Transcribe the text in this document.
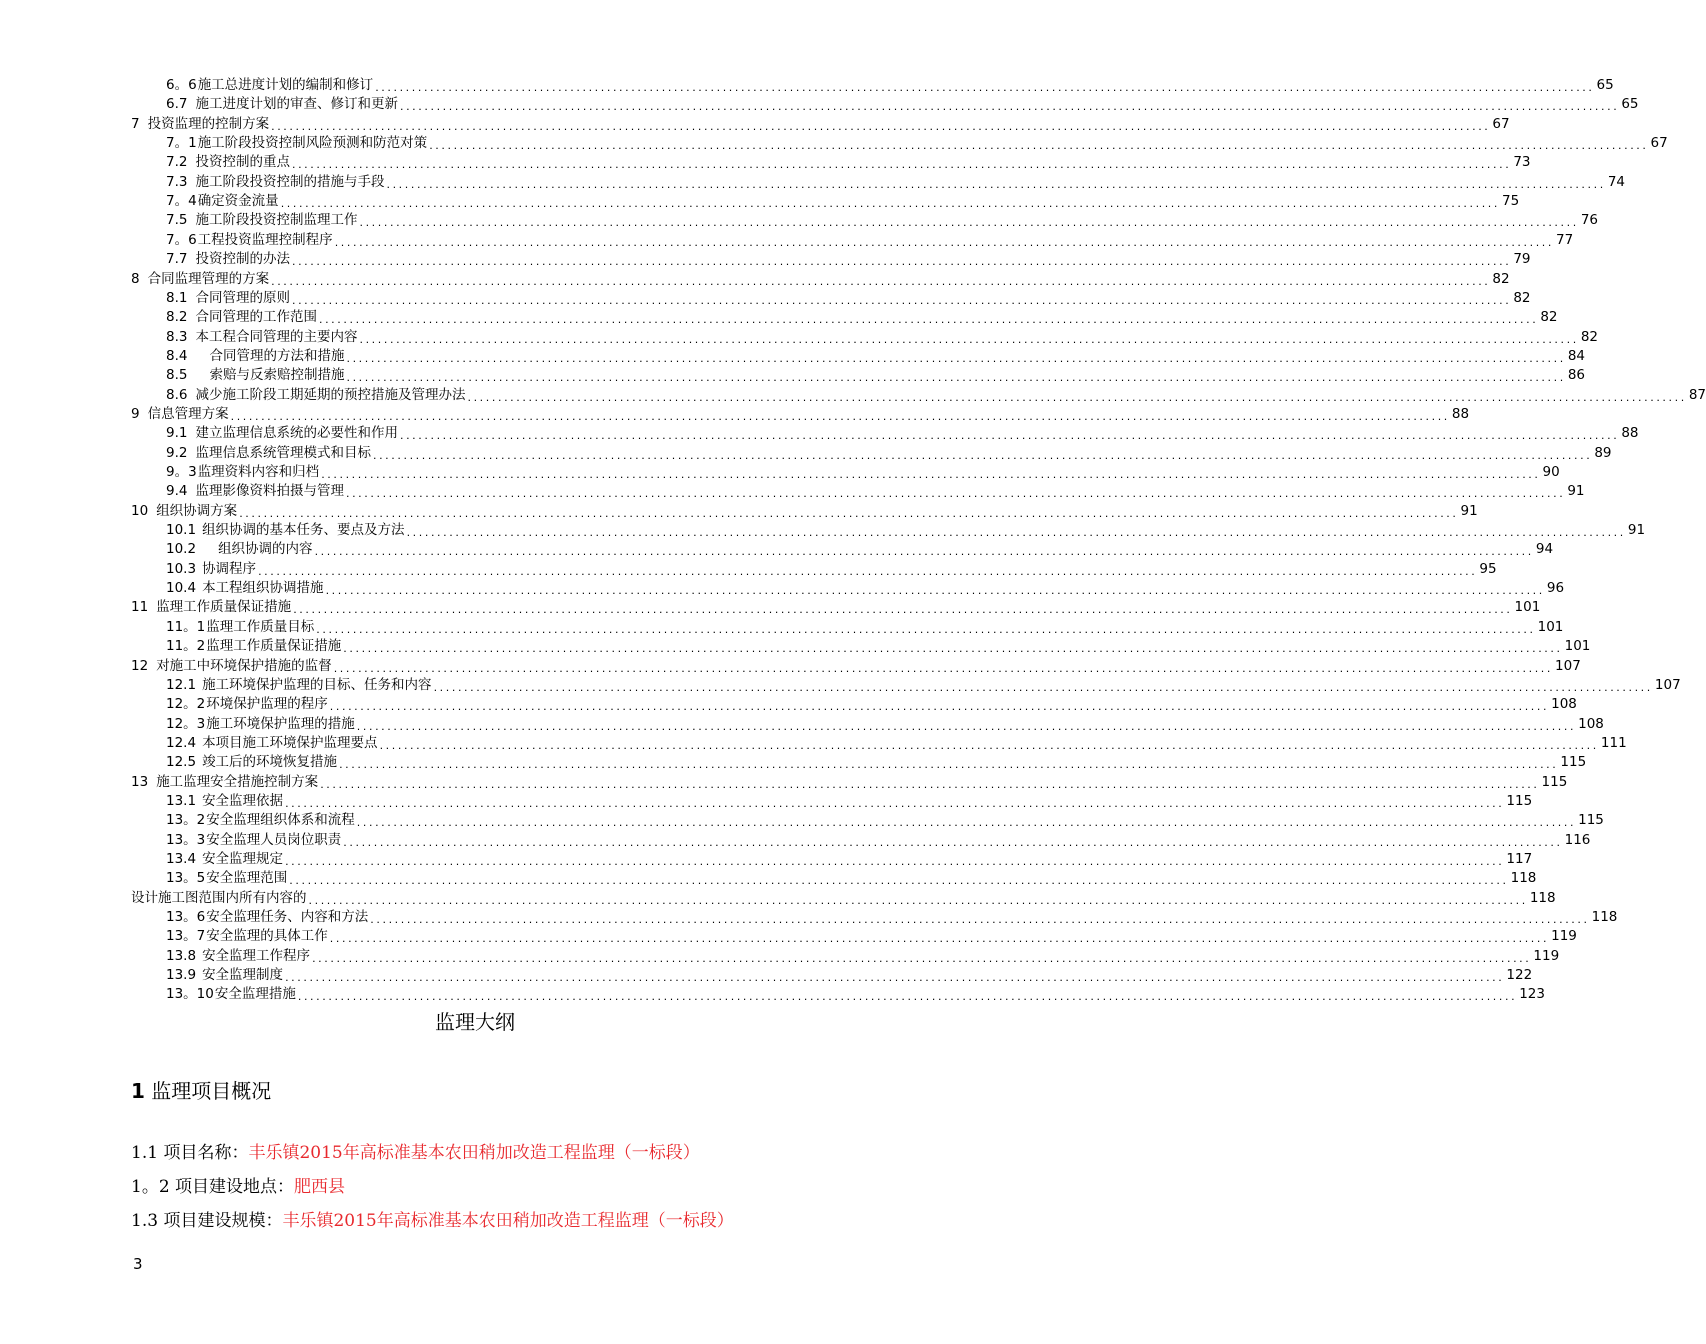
6。6 施工总进度计划的编制和修订 ........................................................................................................................................................................................................ 65
6.7 施工进度计划的审查、修订和更新 ........................................................................................................................................................................................................ 65
7 投资监理的控制方案 ........................................................................................................................................................................................................ 67
7。1 施工阶段投资控制风险预测和防范对策 ........................................................................................................................................................................................................ 67
7.2 投资控制的重点 ........................................................................................................................................................................................................ 73
7.3 施工阶段投资控制的措施与手段 ........................................................................................................................................................................................................ 74
7。4 确定资金流量 ........................................................................................................................................................................................................ 75
7.5 施工阶段投资控制监理工作 ........................................................................................................................................................................................................ 76
7。6 工程投资监理控制程序 ........................................................................................................................................................................................................ 77
7.7 投资控制的办法 ........................................................................................................................................................................................................ 79
8 合同监理管理的方案 ........................................................................................................................................................................................................ 82
8.1 合同管理的原则 ........................................................................................................................................................................................................ 82
8.2 合同管理的工作范围 ........................................................................................................................................................................................................ 82
8.3 本工程合同管理的主要内容 ........................................................................................................................................................................................................ 82
8.4 合同管理的方法和措施 ........................................................................................................................................................................................................ 84
8.5 索赔与反索赔控制措施 ........................................................................................................................................................................................................ 86
8.6 减少施工阶段工期延期的预控措施及管理办法 ........................................................................................................................................................................................................ 87
9 信息管理方案 ........................................................................................................................................................................................................ 88
9.1 建立监理信息系统的必要性和作用 ........................................................................................................................................................................................................ 88
9.2 监理信息系统管理模式和目标 ........................................................................................................................................................................................................ 89
9。3 监理资料内容和归档 ........................................................................................................................................................................................................ 90
9.4 监理影像资料拍摄与管理 ........................................................................................................................................................................................................ 91
10 组织协调方案 ........................................................................................................................................................................................................ 91
10.1 组织协调的基本任务、要点及方法 ........................................................................................................................................................................................................ 91
10.2 组织协调的内容 ........................................................................................................................................................................................................ 94
10.3 协调程序 ........................................................................................................................................................................................................ 95
10.4 本工程组织协调措施 ........................................................................................................................................................................................................ 96
11 监理工作质量保证措施 ........................................................................................................................................................................................................ 101
11。1 监理工作质量目标 ........................................................................................................................................................................................................ 101
11。2 监理工作质量保证措施 ........................................................................................................................................................................................................ 101
12 对施工中环境保护措施的监督 ........................................................................................................................................................................................................ 107
12.1 施工环境保护监理的目标、任务和内容 ........................................................................................................................................................................................................ 107
12。2 环境保护监理的程序 ........................................................................................................................................................................................................ 108
12。3 施工环境保护监理的措施 ........................................................................................................................................................................................................ 108
12.4 本项目施工环境保护监理要点 ........................................................................................................................................................................................................ 111
12.5 竣工后的环境恢复措施 ........................................................................................................................................................................................................ 115
13 施工监理安全措施控制方案 ........................................................................................................................................................................................................ 115
13.1 安全监理依据 ........................................................................................................................................................................................................ 115
13。2 安全监理组织体系和流程 ........................................................................................................................................................................................................ 115
13。3 安全监理人员岗位职责 ........................................................................................................................................................................................................ 116
13.4 安全监理规定 ........................................................................................................................................................................................................ 117
13。5 安全监理范围 ........................................................................................................................................................................................................ 118
设计施工图范围内所有内容的 ........................................................................................................................................................................................................ 118
13。6 安全监理任务、内容和方法 ........................................................................................................................................................................................................ 118
13。7 安全监理的具体工作 ........................................................................................................................................................................................................ 119
13.8 安全监理工作程序 ........................................................................................................................................................................................................ 119
13.9 安全监理制度 ........................................................................................................................................................................................................ 122
13。10 安全监理措施 ........................................................................................................................................................................................................ 123
监理大纲
1 监理项目概况
1.1 项目名称：丰乐镇2015年高标准基本农田稍加改造工程监理（一标段）
1。2 项目建设地点：肥西县
1.3 项目建设规模：丰乐镇2015年高标准基本农田稍加改造工程监理（一标段）
3
